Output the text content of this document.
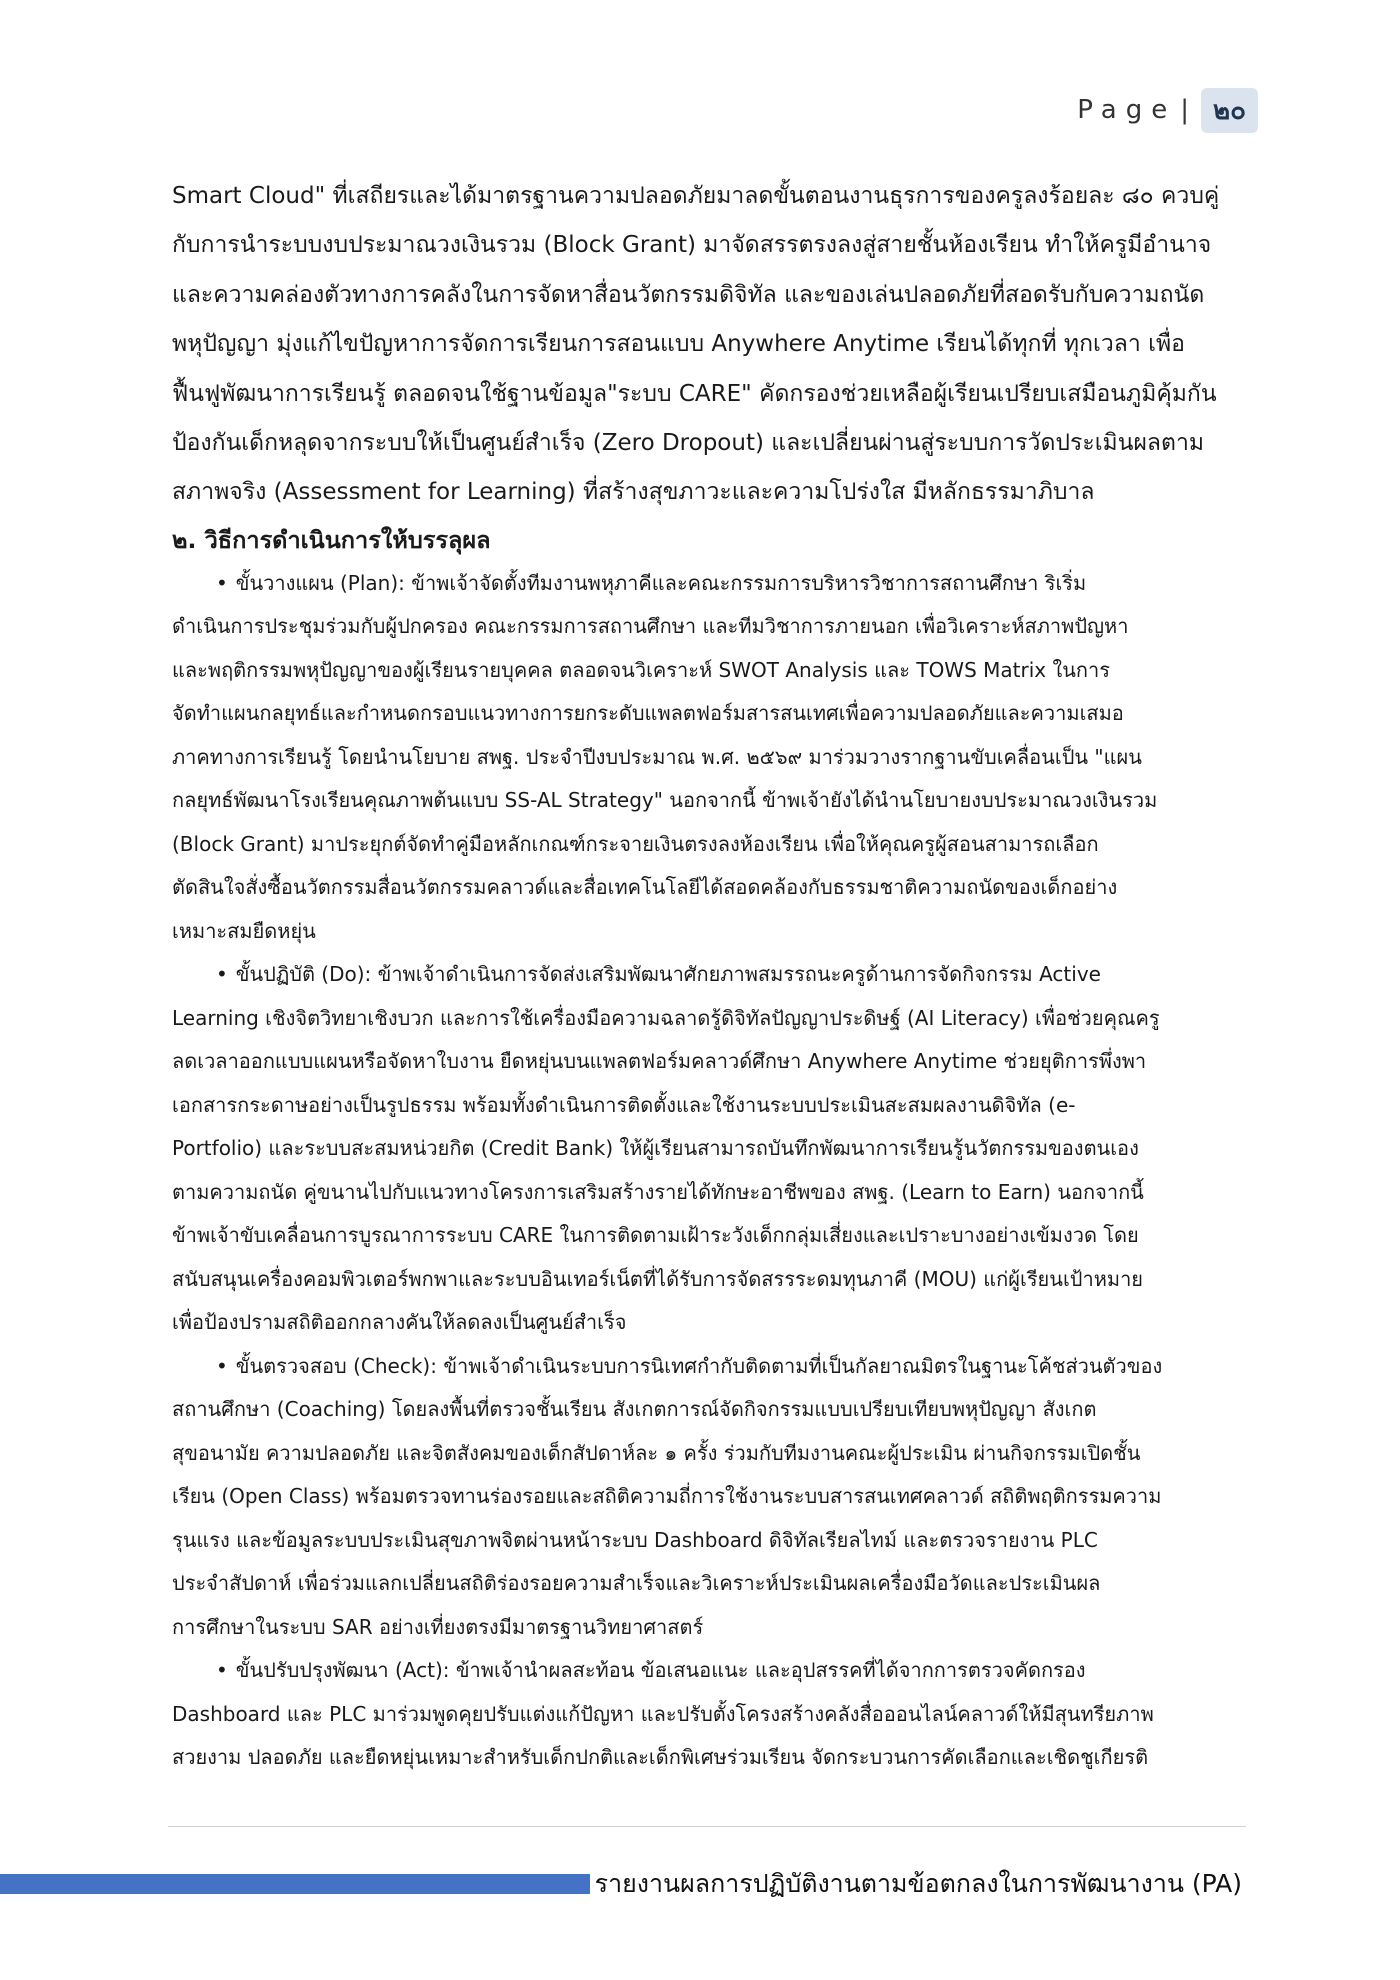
Page | ๒๐

Smart Cloud" ที่เสถียรและได้มาตรฐานความปลอดภัยมาลดขั้นตอนงานธุรการของครูลงร้อยละ ๘๐ ควบคู่

กับการนำระบบงบประมาณวงเงินรวม (Block Grant) มาจัดสรรตรงลงสู่สายชั้นห้องเรียน ทำให้ครูมีอำนาจ

และความคล่องตัวทางการคลังในการจัดหาสื่อนวัตกรรมดิจิทัล และของเล่นปลอดภัยที่สอดรับกับความถนัด

พหุปัญญา มุ่งแก้ไขปัญหาการจัดการเรียนการสอนแบบ Anywhere Anytime เรียนได้ทุกที่ ทุกเวลา เพื่อ

ฟื้นฟูพัฒนาการเรียนรู้ ตลอดจนใช้ฐานข้อมูล"ระบบ CARE" คัดกรองช่วยเหลือผู้เรียนเปรียบเสมือนภูมิคุ้มกัน

ป้องกันเด็กหลุดจากระบบให้เป็นศูนย์สำเร็จ (Zero Dropout) และเปลี่ยนผ่านสู่ระบบการวัดประเมินผลตาม

สภาพจริง (Assessment for Learning) ที่สร้างสุขภาวะและความโปร่งใส มีหลักธรรมาภิบาล

๒. วิธีการดำเนินการให้บรรลุผล

• ขั้นวางแผน (Plan): ข้าพเจ้าจัดตั้งทีมงานพหุภาคีและคณะกรรมการบริหารวิชาการสถานศึกษา ริเริ่ม

ดำเนินการประชุมร่วมกับผู้ปกครอง คณะกรรมการสถานศึกษา และทีมวิชาการภายนอก เพื่อวิเคราะห์สภาพปัญหา

และพฤติกรรมพหุปัญญาของผู้เรียนรายบุคคล ตลอดจนวิเคราะห์ SWOT Analysis และ TOWS Matrix ในการ

จัดทำแผนกลยุทธ์และกำหนดกรอบแนวทางการยกระดับแพลตฟอร์มสารสนเทศเพื่อความปลอดภัยและความเสมอ

ภาคทางการเรียนรู้ โดยนำนโยบาย สพฐ. ประจำปีงบประมาณ พ.ศ. ๒๕๖๙ มาร่วมวางรากฐานขับเคลื่อนเป็น "แผน

กลยุทธ์พัฒนาโรงเรียนคุณภาพต้นแบบ SS-AL Strategy" นอกจากนี้ ข้าพเจ้ายังได้นำนโยบายงบประมาณวงเงินรวม

(Block Grant) มาประยุกต์จัดทำคู่มือหลักเกณฑ์กระจายเงินตรงลงห้องเรียน เพื่อให้คุณครูผู้สอนสามารถเลือก

ตัดสินใจสั่งซื้อนวัตกรรมสื่อนวัตกรรมคลาวด์และสื่อเทคโนโลยีได้สอดคล้องกับธรรมชาติความถนัดของเด็กอย่าง

เหมาะสมยืดหยุ่น

• ขั้นปฏิบัติ (Do): ข้าพเจ้าดำเนินการจัดส่งเสริมพัฒนาศักยภาพสมรรถนะครูด้านการจัดกิจกรรม Active

Learning เชิงจิตวิทยาเชิงบวก และการใช้เครื่องมือความฉลาดรู้ดิจิทัลปัญญาประดิษฐ์ (AI Literacy) เพื่อช่วยคุณครู

ลดเวลาออกแบบแผนหรือจัดหาใบงาน ยืดหยุ่นบนแพลตฟอร์มคลาวด์ศึกษา Anywhere Anytime ช่วยยุติการพึ่งพา

เอกสารกระดาษอย่างเป็นรูปธรรม พร้อมทั้งดำเนินการติดตั้งและใช้งานระบบประเมินสะสมผลงานดิจิทัล (e-

Portfolio) และระบบสะสมหน่วยกิต (Credit Bank) ให้ผู้เรียนสามารถบันทึกพัฒนาการเรียนรู้นวัตกรรมของตนเอง

ตามความถนัด คู่ขนานไปกับแนวทางโครงการเสริมสร้างรายได้ทักษะอาชีพของ สพฐ. (Learn to Earn) นอกจากนี้

ข้าพเจ้าขับเคลื่อนการบูรณาการระบบ CARE ในการติดตามเฝ้าระวังเด็กกลุ่มเสี่ยงและเปราะบางอย่างเข้มงวด โดย

สนับสนุนเครื่องคอมพิวเตอร์พกพาและระบบอินเทอร์เน็ตที่ได้รับการจัดสรรระดมทุนภาคี (MOU) แก่ผู้เรียนเป้าหมาย

เพื่อป้องปรามสถิติออกกลางคันให้ลดลงเป็นศูนย์สำเร็จ

• ขั้นตรวจสอบ (Check): ข้าพเจ้าดำเนินระบบการนิเทศกำกับติดตามที่เป็นกัลยาณมิตรในฐานะโค้ชส่วนตัวของ

สถานศึกษา (Coaching) โดยลงพื้นที่ตรวจชั้นเรียน สังเกตการณ์จัดกิจกรรมแบบเปรียบเทียบพหุปัญญา สังเกต

สุขอนามัย ความปลอดภัย และจิตสังคมของเด็กสัปดาห์ละ ๑ ครั้ง ร่วมกับทีมงานคณะผู้ประเมิน ผ่านกิจกรรมเปิดชั้น

เรียน (Open Class) พร้อมตรวจทานร่องรอยและสถิติความถี่การใช้งานระบบสารสนเทศคลาวด์ สถิติพฤติกรรมความ

รุนแรง และข้อมูลระบบประเมินสุขภาพจิตผ่านหน้าระบบ Dashboard ดิจิทัลเรียลไทม์ และตรวจรายงาน PLC

ประจำสัปดาห์ เพื่อร่วมแลกเปลี่ยนสถิติร่องรอยความสำเร็จและวิเคราะห์ประเมินผลเครื่องมือวัดและประเมินผล

การศึกษาในระบบ SAR อย่างเที่ยงตรงมีมาตรฐานวิทยาศาสตร์

• ขั้นปรับปรุงพัฒนา (Act): ข้าพเจ้านำผลสะท้อน ข้อเสนอแนะ และอุปสรรคที่ได้จากการตรวจคัดกรอง

Dashboard และ PLC มาร่วมพูดคุยปรับแต่งแก้ปัญหา และปรับตั้งโครงสร้างคลังสื่อออนไลน์คลาวด์ให้มีสุนทรียภาพ

สวยงาม ปลอดภัย และยืดหยุ่นเหมาะสำหรับเด็กปกติและเด็กพิเศษร่วมเรียน จัดกระบวนการคัดเลือกและเชิดชูเกียรติ

รายงานผลการปฏิบัติงานตามข้อตกลงในการพัฒนางาน (PA)
